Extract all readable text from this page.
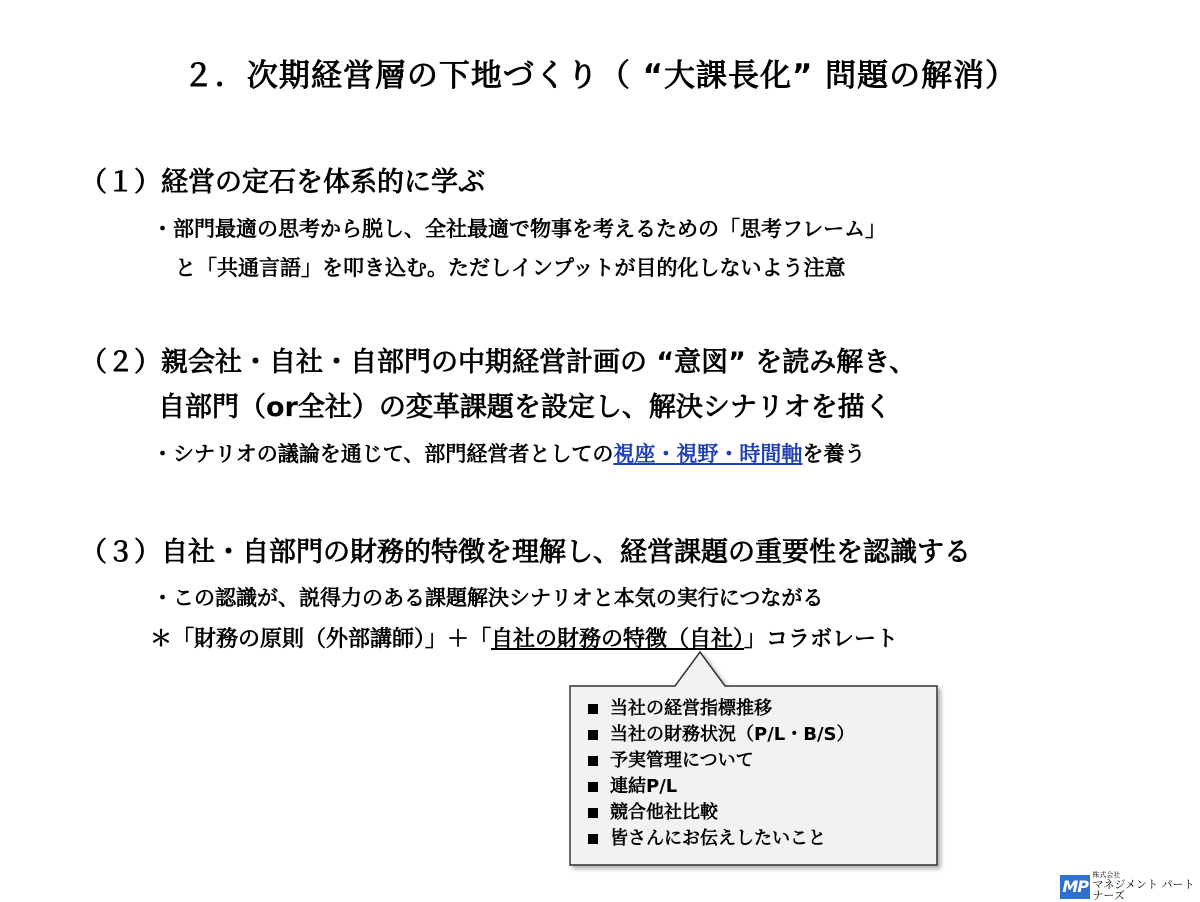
２．次期経営層の下地づくり（ “大課長化” 問題の解消）
（１）経営の定石を体系的に学ぶ
・部門最適の思考から脱し、全社最適で物事を考えるための「思考フレーム」
と「共通言語」を叩き込む。ただしインプットが目的化しないよう注意
（２）親会社・自社・自部門の中期経営計画の “意図” を読み解き、
自部門（or全社）の変革課題を設定し、解決シナリオを描く
・シナリオの議論を通じて、部門経営者としての視座・視野・時間軸を養う
（３）自社・自部門の財務的特徴を理解し、経営課題の重要性を認識する
・この認識が、説得力のある課題解決シナリオと本気の実行につながる
＊「財務の原則（外部講師）」＋「自社の財務の特徴（自社）」コラボレート
当社の経営指標推移
当社の財務状況（P/L・B/S）
予実管理について
連結P/L
競合他社比較
皆さんにお伝えしたいこと
MP
株式会社
マネジメント パートナーズ
